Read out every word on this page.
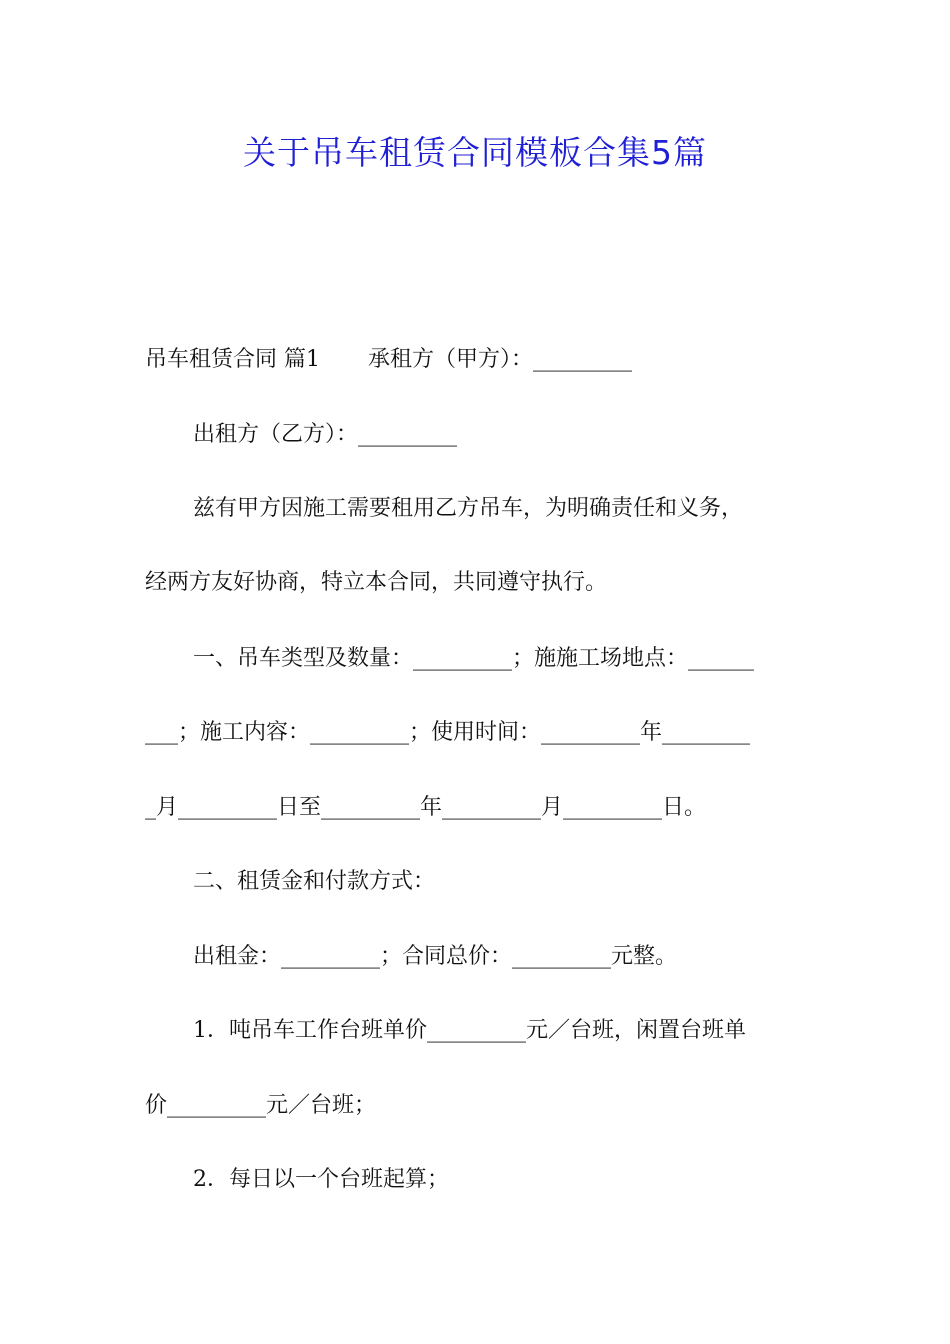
关于吊车租赁合同模板合集5篇
吊车租赁合同 篇1 承租方（甲方）：_________
出租方（乙方）：_________
兹有甲方因施工需要租用乙方吊车，为明确责任和义务，
经两方友好协商，特立本合同，共同遵守执行。
一、吊车类型及数量：_________；施施工场地点：______
___；施工内容：_________；使用时间：_________年________
_月_________日至_________年_________月_________日。
二、租赁金和付款方式：
出租金：_________；合同总价：_________元整。
1．吨吊车工作台班单价_________元／台班，闲置台班单
价_________元／台班；
2．每日以一个台班起算；
